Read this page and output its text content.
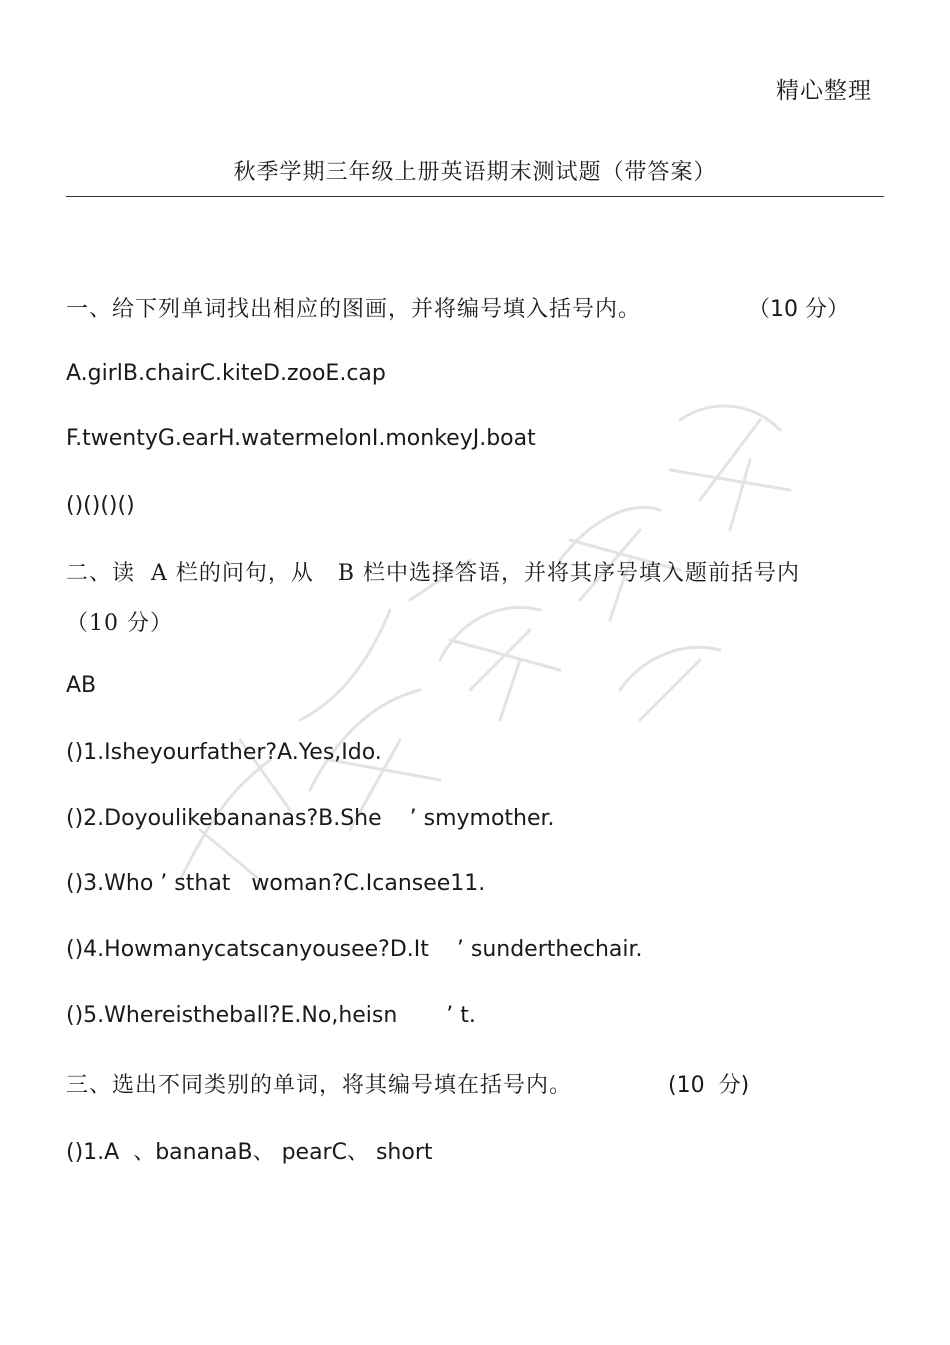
精心整理
秋季学期三年级上册英语期末测试题（带答案）
一、给下列单词找出相应的图画，并将编号填入括号内。	（10 分）
A.girlB.chairC.kiteD.zooE.cap
F.twentyG.earH.watermelonI.monkeyJ.boat
()()()()
二、读  A 栏的问句，从   B 栏中选择答语，并将其序号填入题前括号内
（10 分）
AB
()1.Isheyourfather?A.Yes,Ido.
()2.Doyoulikebananas?B.She    ’ smymother.
()3.Who ’ sthat   woman?C.Icansee11.
()4.Howmanycatscanyousee?D.It    ’ sunderthechair.
()5.Whereistheball?E.No,heisn       ’ t.
三、选出不同类别的单词，将其编号填在括号内。	(10  分)
()1.A  、bananaB、 pearC、 short
